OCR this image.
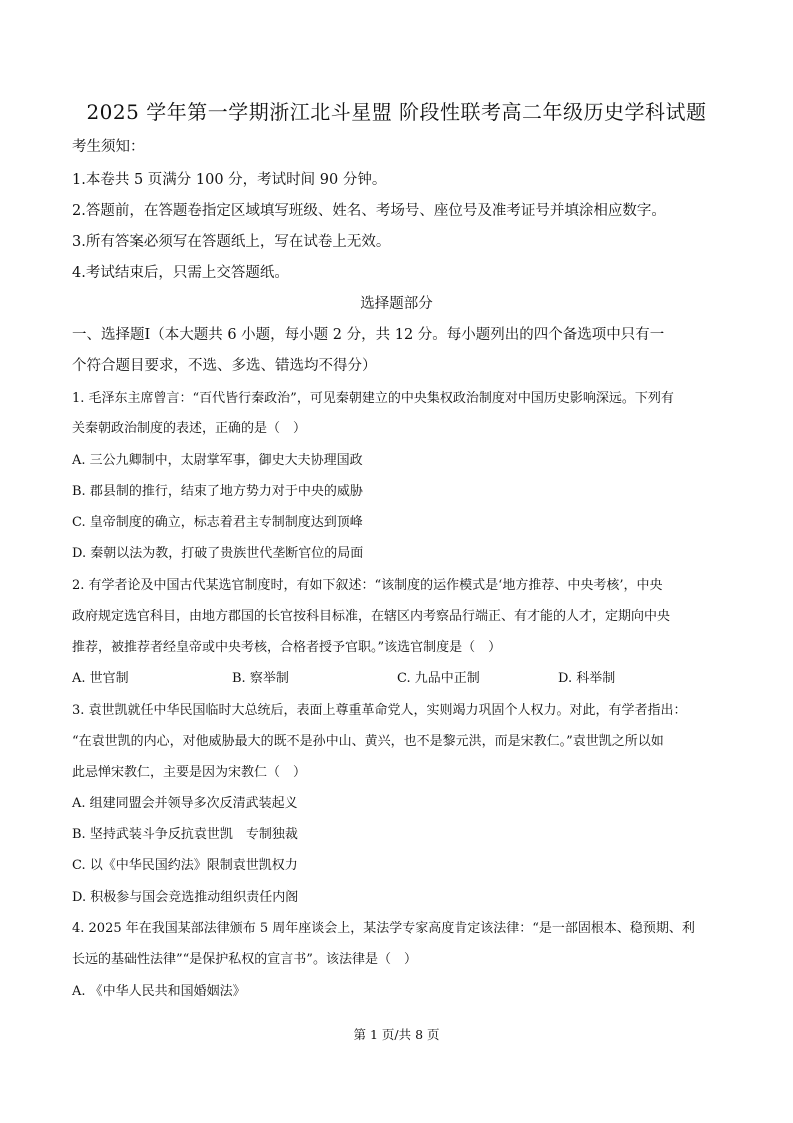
2025 学年第一学期浙江北斗星盟 阶段性联考高二年级历史学科试题
考生须知：
1.本卷共 5 页满分 100 分，考试时间 90 分钟。
2.答题前，在答题卷指定区域填写班级、姓名、考场号、座位号及准考证号并填涂相应数字。
3.所有答案必须写在答题纸上，写在试卷上无效。
4.考试结束后，只需上交答题纸。
选择题部分
一、选择题Ⅰ（本大题共 6 小题，每小题 2 分，共 12 分。每小题列出的四个备选项中只有一
个符合题目要求，不选、多选、错选均不得分）
1. 毛泽东主席曾言：“百代皆行秦政治”，可见秦朝建立的中央集权政治制度对中国历史影响深远。下列有
关秦朝政治制度的表述，正确的是（　）
A. 三公九卿制中，太尉掌军事，御史大夫协理国政
B. 郡县制的推行，结束了地方势力对于中央的威胁
C. 皇帝制度的确立，标志着君主专制制度达到顶峰
D. 秦朝以法为教，打破了贵族世代垄断官位的局面
2. 有学者论及中国古代某选官制度时，有如下叙述：“该制度的运作模式是‘地方推荐、中央考核’，中央
政府规定选官科目，由地方郡国的长官按科目标准，在辖区内考察品行端正、有才能的人才，定期向中央
推荐，被推荐者经皇帝或中央考核，合格者授予官职。”该选官制度是（　）
A. 世官制	B. 察举制	C. 九品中正制	D. 科举制
3. 袁世凯就任中华民国临时大总统后，表面上尊重革命党人，实则竭力巩固个人权力。对此，有学者指出：
“在袁世凯的内心，对他威胁最大的既不是孙中山、黄兴，也不是黎元洪，而是宋教仁。”袁世凯之所以如
此忌惮宋教仁，主要是因为宋教仁（　）
A. 组建同盟会并领导多次反清武装起义
B. 坚持武装斗争反抗袁世凯　专制独裁
C. 以《中华民国约法》限制袁世凯权力
D. 积极参与国会竞选推动组织责任内阁
4. 2025 年在我国某部法律颁布 5 周年座谈会上，某法学专家高度肯定该法律：“是一部固根本、稳预期、利
长远的基础性法律”“是保护私权的宣言书”。该法律是（　）
A. 《中华人民共和国婚姻法》
第 1 页/共 8 页
